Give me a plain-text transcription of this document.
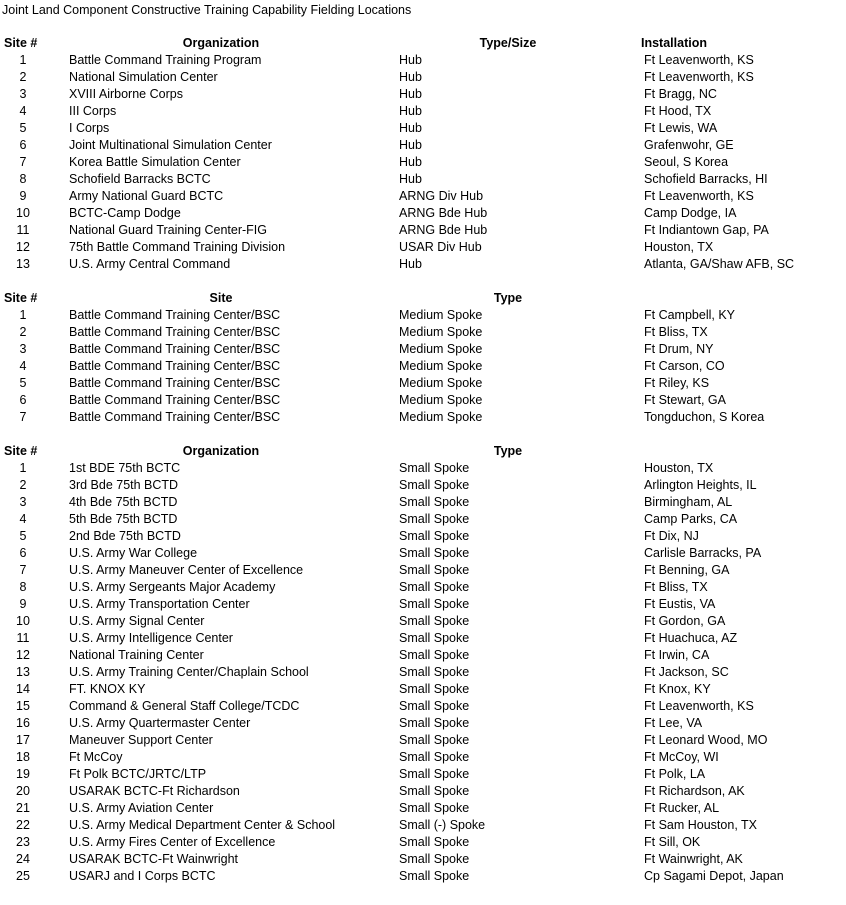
Joint Land Component Constructive Training Capability Fielding Locations
Site #	Organization	Type/Size	Installation
1	Battle Command Training Program	Hub	Ft Leavenworth, KS
2	National Simulation Center	Hub	Ft Leavenworth, KS
3	XVIII Airborne Corps	Hub	Ft Bragg, NC
4	III Corps	Hub	Ft Hood, TX
5	I Corps	Hub	Ft Lewis, WA
6	Joint Multinational Simulation Center	Hub	Grafenwohr, GE
7	Korea Battle Simulation Center	Hub	Seoul, S Korea
8	Schofield Barracks BCTC	Hub	Schofield Barracks, HI
9	Army National Guard BCTC	ARNG Div Hub	Ft Leavenworth, KS
10	BCTC-Camp Dodge	ARNG Bde Hub	Camp Dodge, IA
11	National Guard Training Center-FIG	ARNG Bde Hub	Ft Indiantown Gap, PA
12	75th Battle Command Training Division	USAR Div Hub	Houston, TX
13	U.S. Army Central Command	Hub	Atlanta, GA/Shaw AFB, SC
Site #	Site	Type
1	Battle Command Training Center/BSC	Medium Spoke	Ft Campbell, KY
2	Battle Command Training Center/BSC	Medium Spoke	Ft Bliss, TX
3	Battle Command Training Center/BSC	Medium Spoke	Ft Drum, NY
4	Battle Command Training Center/BSC	Medium Spoke	Ft Carson, CO
5	Battle Command Training Center/BSC	Medium Spoke	Ft Riley, KS
6	Battle Command Training Center/BSC	Medium Spoke	Ft Stewart, GA
7	Battle Command Training Center/BSC	Medium Spoke	Tongduchon, S Korea
Site #	Organization	Type
1	1st BDE 75th BCTC	Small Spoke	Houston, TX
2	3rd Bde 75th BCTD	Small Spoke	Arlington Heights, IL
3	4th Bde 75th BCTD	Small Spoke	Birmingham, AL
4	5th Bde 75th BCTD	Small Spoke	Camp Parks, CA
5	2nd Bde 75th BCTD	Small Spoke	Ft Dix, NJ
6	U.S. Army War College	Small Spoke	Carlisle Barracks, PA
7	U.S. Army Maneuver Center of Excellence	Small Spoke	Ft Benning, GA
8	U.S. Army Sergeants Major Academy	Small Spoke	Ft Bliss, TX
9	U.S. Army Transportation Center	Small Spoke	Ft Eustis, VA
10	U.S. Army Signal Center	Small Spoke	Ft Gordon, GA
11	U.S. Army Intelligence Center	Small Spoke	Ft Huachuca, AZ
12	National Training Center	Small Spoke	Ft Irwin, CA
13	U.S. Army Training Center/Chaplain School	Small Spoke	Ft Jackson, SC
14	FT. KNOX KY	Small Spoke	Ft Knox, KY
15	Command & General Staff College/TCDC	Small Spoke	Ft Leavenworth, KS
16	U.S. Army Quartermaster Center	Small Spoke	Ft Lee, VA
17	Maneuver Support Center	Small Spoke	Ft Leonard Wood, MO
18	Ft McCoy	Small Spoke	Ft McCoy, WI
19	Ft Polk BCTC/JRTC/LTP	Small Spoke	Ft Polk, LA
20	USARAK BCTC-Ft Richardson	Small Spoke	Ft Richardson, AK
21	U.S. Army Aviation Center	Small Spoke	Ft Rucker, AL
22	U.S. Army Medical Department Center & School	Small (-) Spoke	Ft Sam Houston, TX
23	U.S. Army Fires Center of Excellence	Small Spoke	Ft Sill, OK
24	USARAK BCTC-Ft Wainwright	Small Spoke	Ft Wainwright, AK
25	USARJ and I Corps BCTC	Small Spoke	Cp Sagami Depot, Japan
